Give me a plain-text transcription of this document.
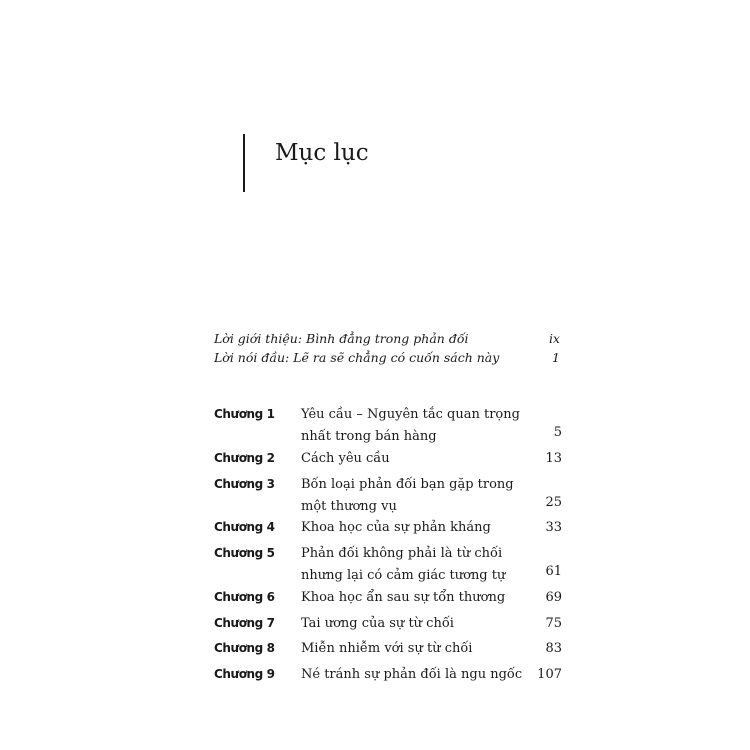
Mục lục
Lời giới thiệu: Bình đẳng trong phản đối	ix
Lời nói đầu: Lẽ ra sẽ chẳng có cuốn sách này	1
Chương 1 Yêu cầu – Nguyên tắc quan trọng nhất trong bán hàng	5
Chương 2 Cách yêu cầu	13
Chương 3 Bốn loại phản đối bạn gặp trong một thương vụ	25
Chương 4 Khoa học của sự phản kháng	33
Chương 5 Phản đối không phải là từ chối nhưng lại có cảm giác tương tự	61
Chương 6 Khoa học ẩn sau sự tổn thương	69
Chương 7 Tai ương của sự từ chối	75
Chương 8 Miễn nhiễm với sự từ chối	83
Chương 9 Né tránh sự phản đối là ngu ngốc	107
